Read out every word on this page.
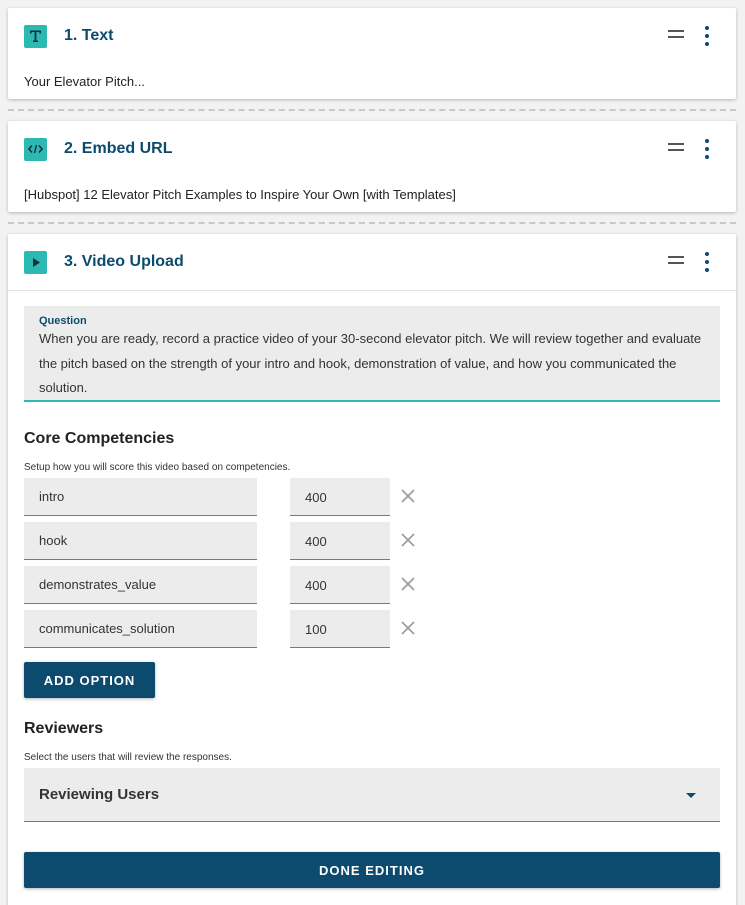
1. Text
Your Elevator Pitch...
2. Embed URL
[Hubspot] 12 Elevator Pitch Examples to Inspire Your Own [with Templates]
3. Video Upload
Question
When you are ready, record a practice video of your 30-second elevator pitch. We will review together and evaluate the pitch based on the strength of your intro and hook, demonstration of value, and how you communicated the solution.
Core Competencies
Setup how you will score this video based on competencies.
intro	400
hook	400
demonstrates_value	400
communicates_solution	100
ADD OPTION
Reviewers
Select the users that will review the responses.
Reviewing Users
DONE EDITING
